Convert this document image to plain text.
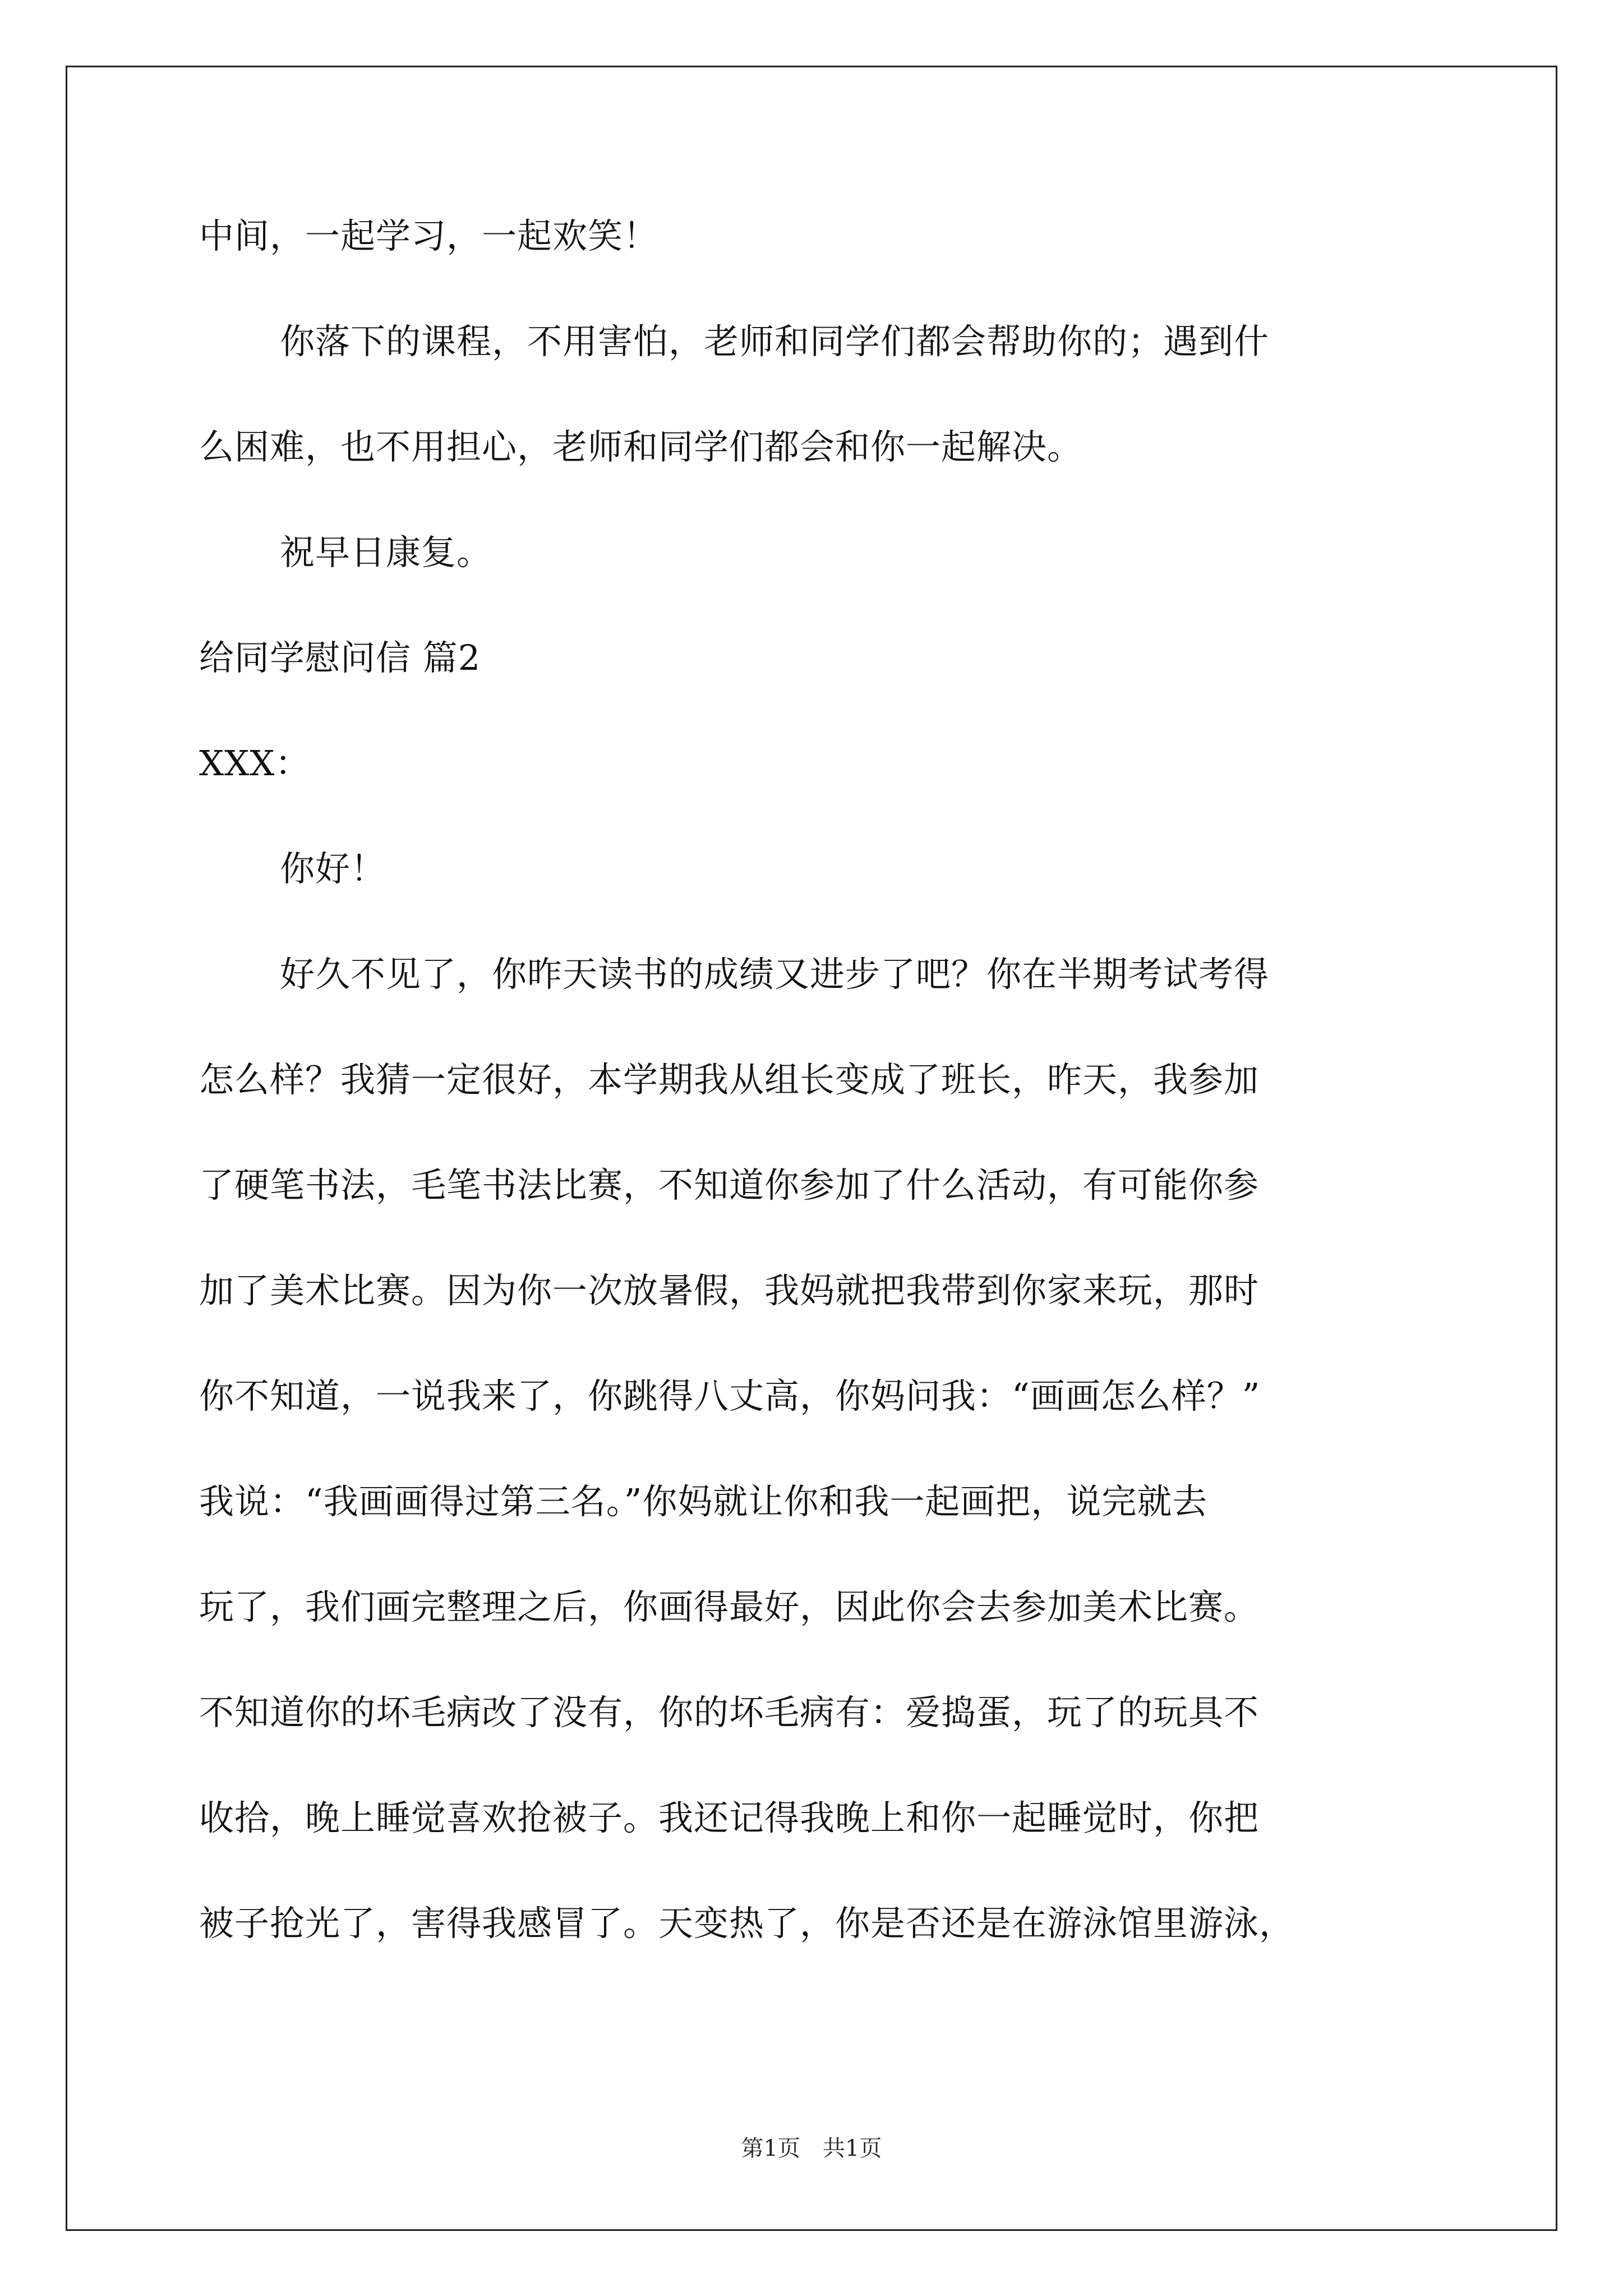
中间，一起学习，一起欢笑！
你落下的课程，不用害怕，老师和同学们都会帮助你的；遇到什
么困难，也不用担心，老师和同学们都会和你一起解决。
祝早日康复。
给同学慰问信 篇2
XXX：
你好！
好久不见了，你昨天读书的成绩又进步了吧？你在半期考试考得
怎么样？我猜一定很好，本学期我从组长变成了班长，昨天，我参加
了硬笔书法，毛笔书法比赛，不知道你参加了什么活动，有可能你参
加了美术比赛。因为你一次放暑假，我妈就把我带到你家来玩，那时
你不知道，一说我来了，你跳得八丈高，你妈问我：“画画怎么样？”
我说：“我画画得过第三名。”你妈就让你和我一起画把，说完就去
玩了，我们画完整理之后，你画得最好，因此你会去参加美术比赛。
不知道你的坏毛病改了没有，你的坏毛病有：爱捣蛋，玩了的玩具不
收拾，晚上睡觉喜欢抢被子。我还记得我晚上和你一起睡觉时，你把
被子抢光了，害得我感冒了。天变热了，你是否还是在游泳馆里游泳，
第1页　共1页
